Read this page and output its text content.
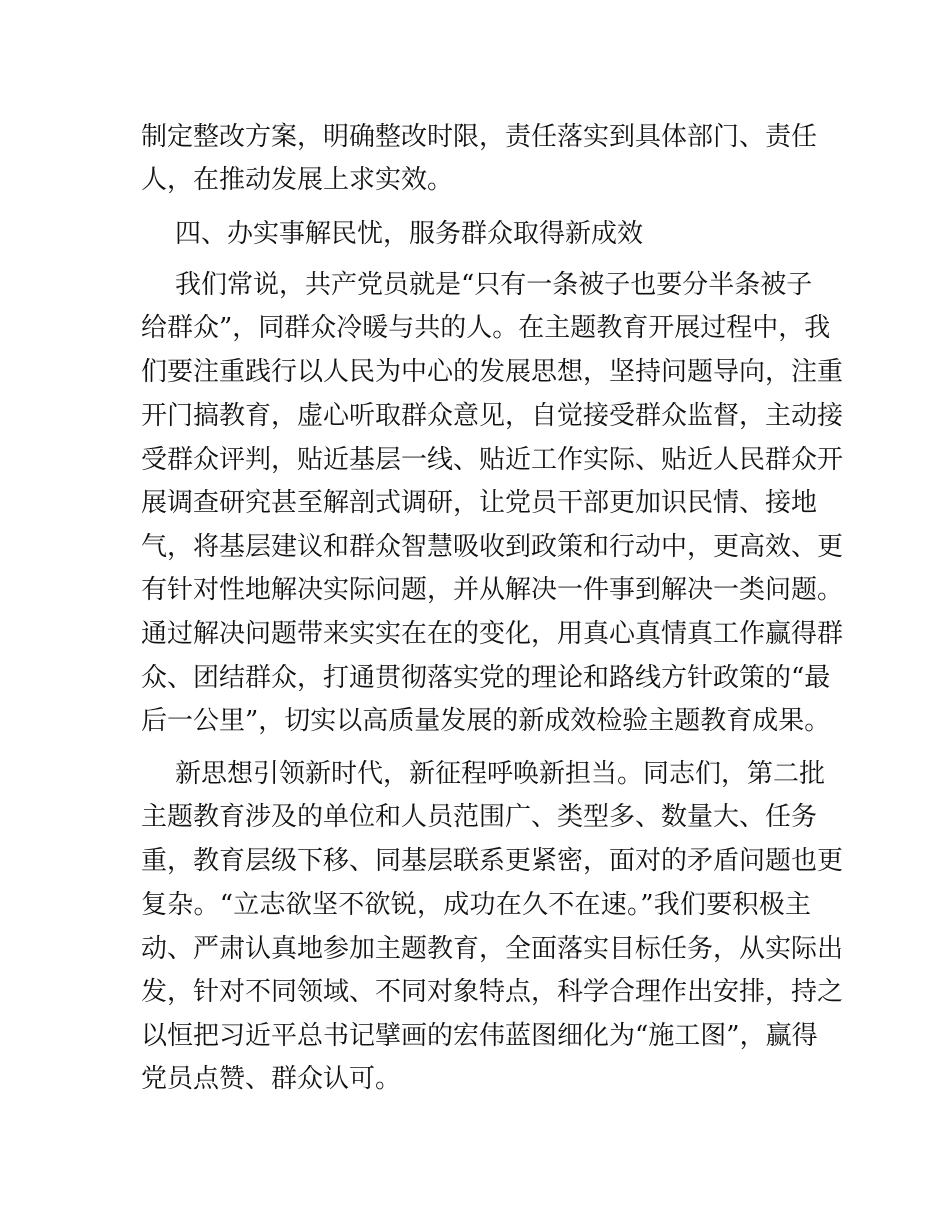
制定整改方案，明确整改时限，责任落实到具体部门、责任
人，在推动发展上求实效。
四、办实事解民忧，服务群众取得新成效
我们常说，共产党员就是“只有一条被子也要分半条被子
给群众”，同群众冷暖与共的人。在主题教育开展过程中，我
们要注重践行以人民为中心的发展思想，坚持问题导向，注重
开门搞教育，虚心听取群众意见，自觉接受群众监督，主动接
受群众评判，贴近基层一线、贴近工作实际、贴近人民群众开
展调查研究甚至解剖式调研，让党员干部更加识民情、接地
气，将基层建议和群众智慧吸收到政策和行动中，更高效、更
有针对性地解决实际问题，并从解决一件事到解决一类问题。
通过解决问题带来实实在在的变化，用真心真情真工作赢得群
众、团结群众，打通贯彻落实党的理论和路线方针政策的“最
后一公里”，切实以高质量发展的新成效检验主题教育成果。
新思想引领新时代，新征程呼唤新担当。同志们，第二批
主题教育涉及的单位和人员范围广、类型多、数量大、任务
重，教育层级下移、同基层联系更紧密，面对的矛盾问题也更
复杂。“立志欲坚不欲锐，成功在久不在速。”我们要积极主
动、严肃认真地参加主题教育，全面落实目标任务，从实际出
发，针对不同领域、不同对象特点，科学合理作出安排，持之
以恒把习近平总书记擘画的宏伟蓝图细化为“施工图”，赢得
党员点赞、群众认可。
